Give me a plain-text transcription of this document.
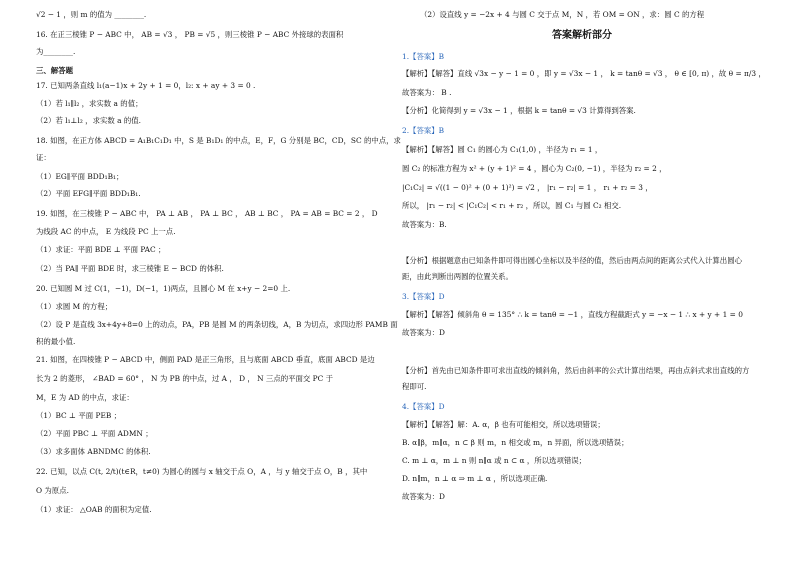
√2 − 1 ，则 m 的值为 ________.
16. 在正三棱锥 P − ABC 中， AB = √3 ， PB = √5 ，则三棱锥 P − ABC 外接球的表面积
为________.
三、解答题
17. 已知两条直线 l₁(a−1)x + 2y + 1 = 0，l₂: x + ay + 3 = 0 .
（1）若 l₁∥l₂ ，求实数 a 的值；
（2）若 l₁⊥l₂ ，求实数 a 的值.
18. 如图，在正方体 ABCD = A₁B₁C₁D₁ 中，S 是 B₁D₁ 的中点，E，F，G 分别是 BC，CD，SC 的中点，求
证：
（1）EG∥平面 BDD₁B₁；
（2）平面 EFG∥平面 BDD₁B₁.
19. 如图，在三棱锥 P − ABC 中， PA ⊥ AB ， PA ⊥ BC ， AB ⊥ BC ， PA = AB = BC = 2 ， D
为线段 AC 的中点， E 为线段 PC 上一点.
（1）求证：平面 BDE ⊥ 平面 PAC ；
（2）当 PA∥ 平面 BDE 时，求三棱锥 E − BCD 的体积.
20. 已知圆 M 过 C(1，−1)，D(−1，1)两点，且圆心 M 在 x+y − 2=0 上.
（1）求圆 M 的方程；
（2）设 P 是直线 3x+4y+8=0 上的动点，PA，PB 是圆 M 的两条切线，A，B 为切点，求四边形 PAMB 面
积的最小值.
21. 如图，在四棱锥 P − ABCD 中，侧面 PAD 是正三角形，且与底面 ABCD 垂直，底面 ABCD 是边
长为 2 的菱形， ∠BAD = 60° ， N 为 PB 的中点，过 A ， D ， N 三点的平面交 PC 于
M，E 为 AD 的中点，求证：
（1）BC ⊥ 平面 PEB ；
（2）平面 PBC ⊥ 平面 ADMN ；
（3）求多面体 ABNDMC 的体积.
22. 已知，以点 C(t, 2/t)(t∈R，t≠0) 为圆心的圆与 x 轴交于点 O，A ，与 y 轴交于点 O，B ，其中
O 为原点.
（1）求证： △OAB 的面积为定值.
（2）设直线 y = −2x + 4 与圆 C 交于点 M，N ，若 OM = ON ，求：圆 C 的方程
答案解析部分
1.【答案】B
【解析】【解答】直线 √3x − y − 1 = 0 ，即 y = √3x − 1 ， k = tanθ = √3 ， θ ∈ [0, π) ，故 θ = π/3 ，
故答案为： B .
【分析】化简得到 y = √3x − 1 ，根据 k = tanθ = √3 计算得到答案.
2.【答案】B
【解析】【解答】圆 C₁ 的圆心为 C₁(1,0) ，半径为 r₁ = 1 ，
圆 C₂ 的标准方程为 x² + (y + 1)² = 4 ，圆心为 C₂(0, −1) ，半径为 r₂ = 2 ，
|C₁C₂| = √((1 − 0)² + (0 + 1)²) = √2 ， |r₁ − r₂| = 1 ， r₁ + r₂ = 3 ，
所以， |r₁ − r₂| < |C₁C₂| < r₁ + r₂ ，所以，圆 C₁ 与圆 C₂ 相交.
故答案为：B.
【分析】根据题意由已知条件即可得出圆心坐标以及半径的值，然后由两点间的距离公式代入计算出圆心
距，由此判断出两圆的位置关系。
3.【答案】D
【解析】【解答】倾斜角 θ = 135° ∴ k = tanθ = −1 ，直线方程截距式 y = −x − 1 ∴ x + y + 1 = 0
故答案为：D
【分析】首先由已知条件即可求出直线的倾斜角，然后由斜率的公式计算出结果，再由点斜式求出直线的方
程即可.
4.【答案】D
【解析】【解答】解：A. α，β 也有可能相交，所以选项错误；
B. α∥β，m∥α，n ⊂ β 则 m，n 相交或 m，n 异面，所以选项错误；
C. m ⊥ α，m ⊥ n 则 n∥α 或 n ⊂ α ，所以选项错误；
D. n∥m，n ⊥ α ⇒ m ⊥ α ，所以选项正确.
故答案为：D
